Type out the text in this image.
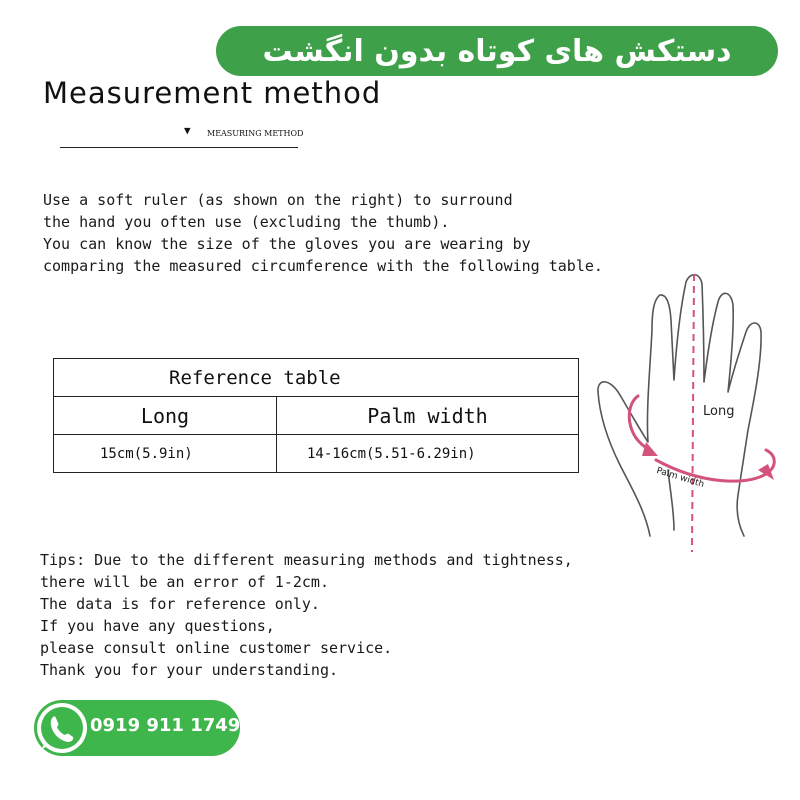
دستکش های کوتاه بدون انگشت
Measurement method
▼ MEASURING METHOD
Use a soft ruler (as shown on the right) to surround
the hand you often use (excluding the thumb).
You can know the size of the gloves you are wearing by
comparing the measured circumference with the following table.
Reference table	
Long	Palm width
15cm(5.9in)	14-16cm(5.51-6.29in)
Long
Palm width
Tips: Due to the different measuring methods and tightness,
there will be an error of 1-2cm.
The data is for reference only.
If you have any questions,
please consult online customer service.
Thank you for your understanding.
0919 911 1749
